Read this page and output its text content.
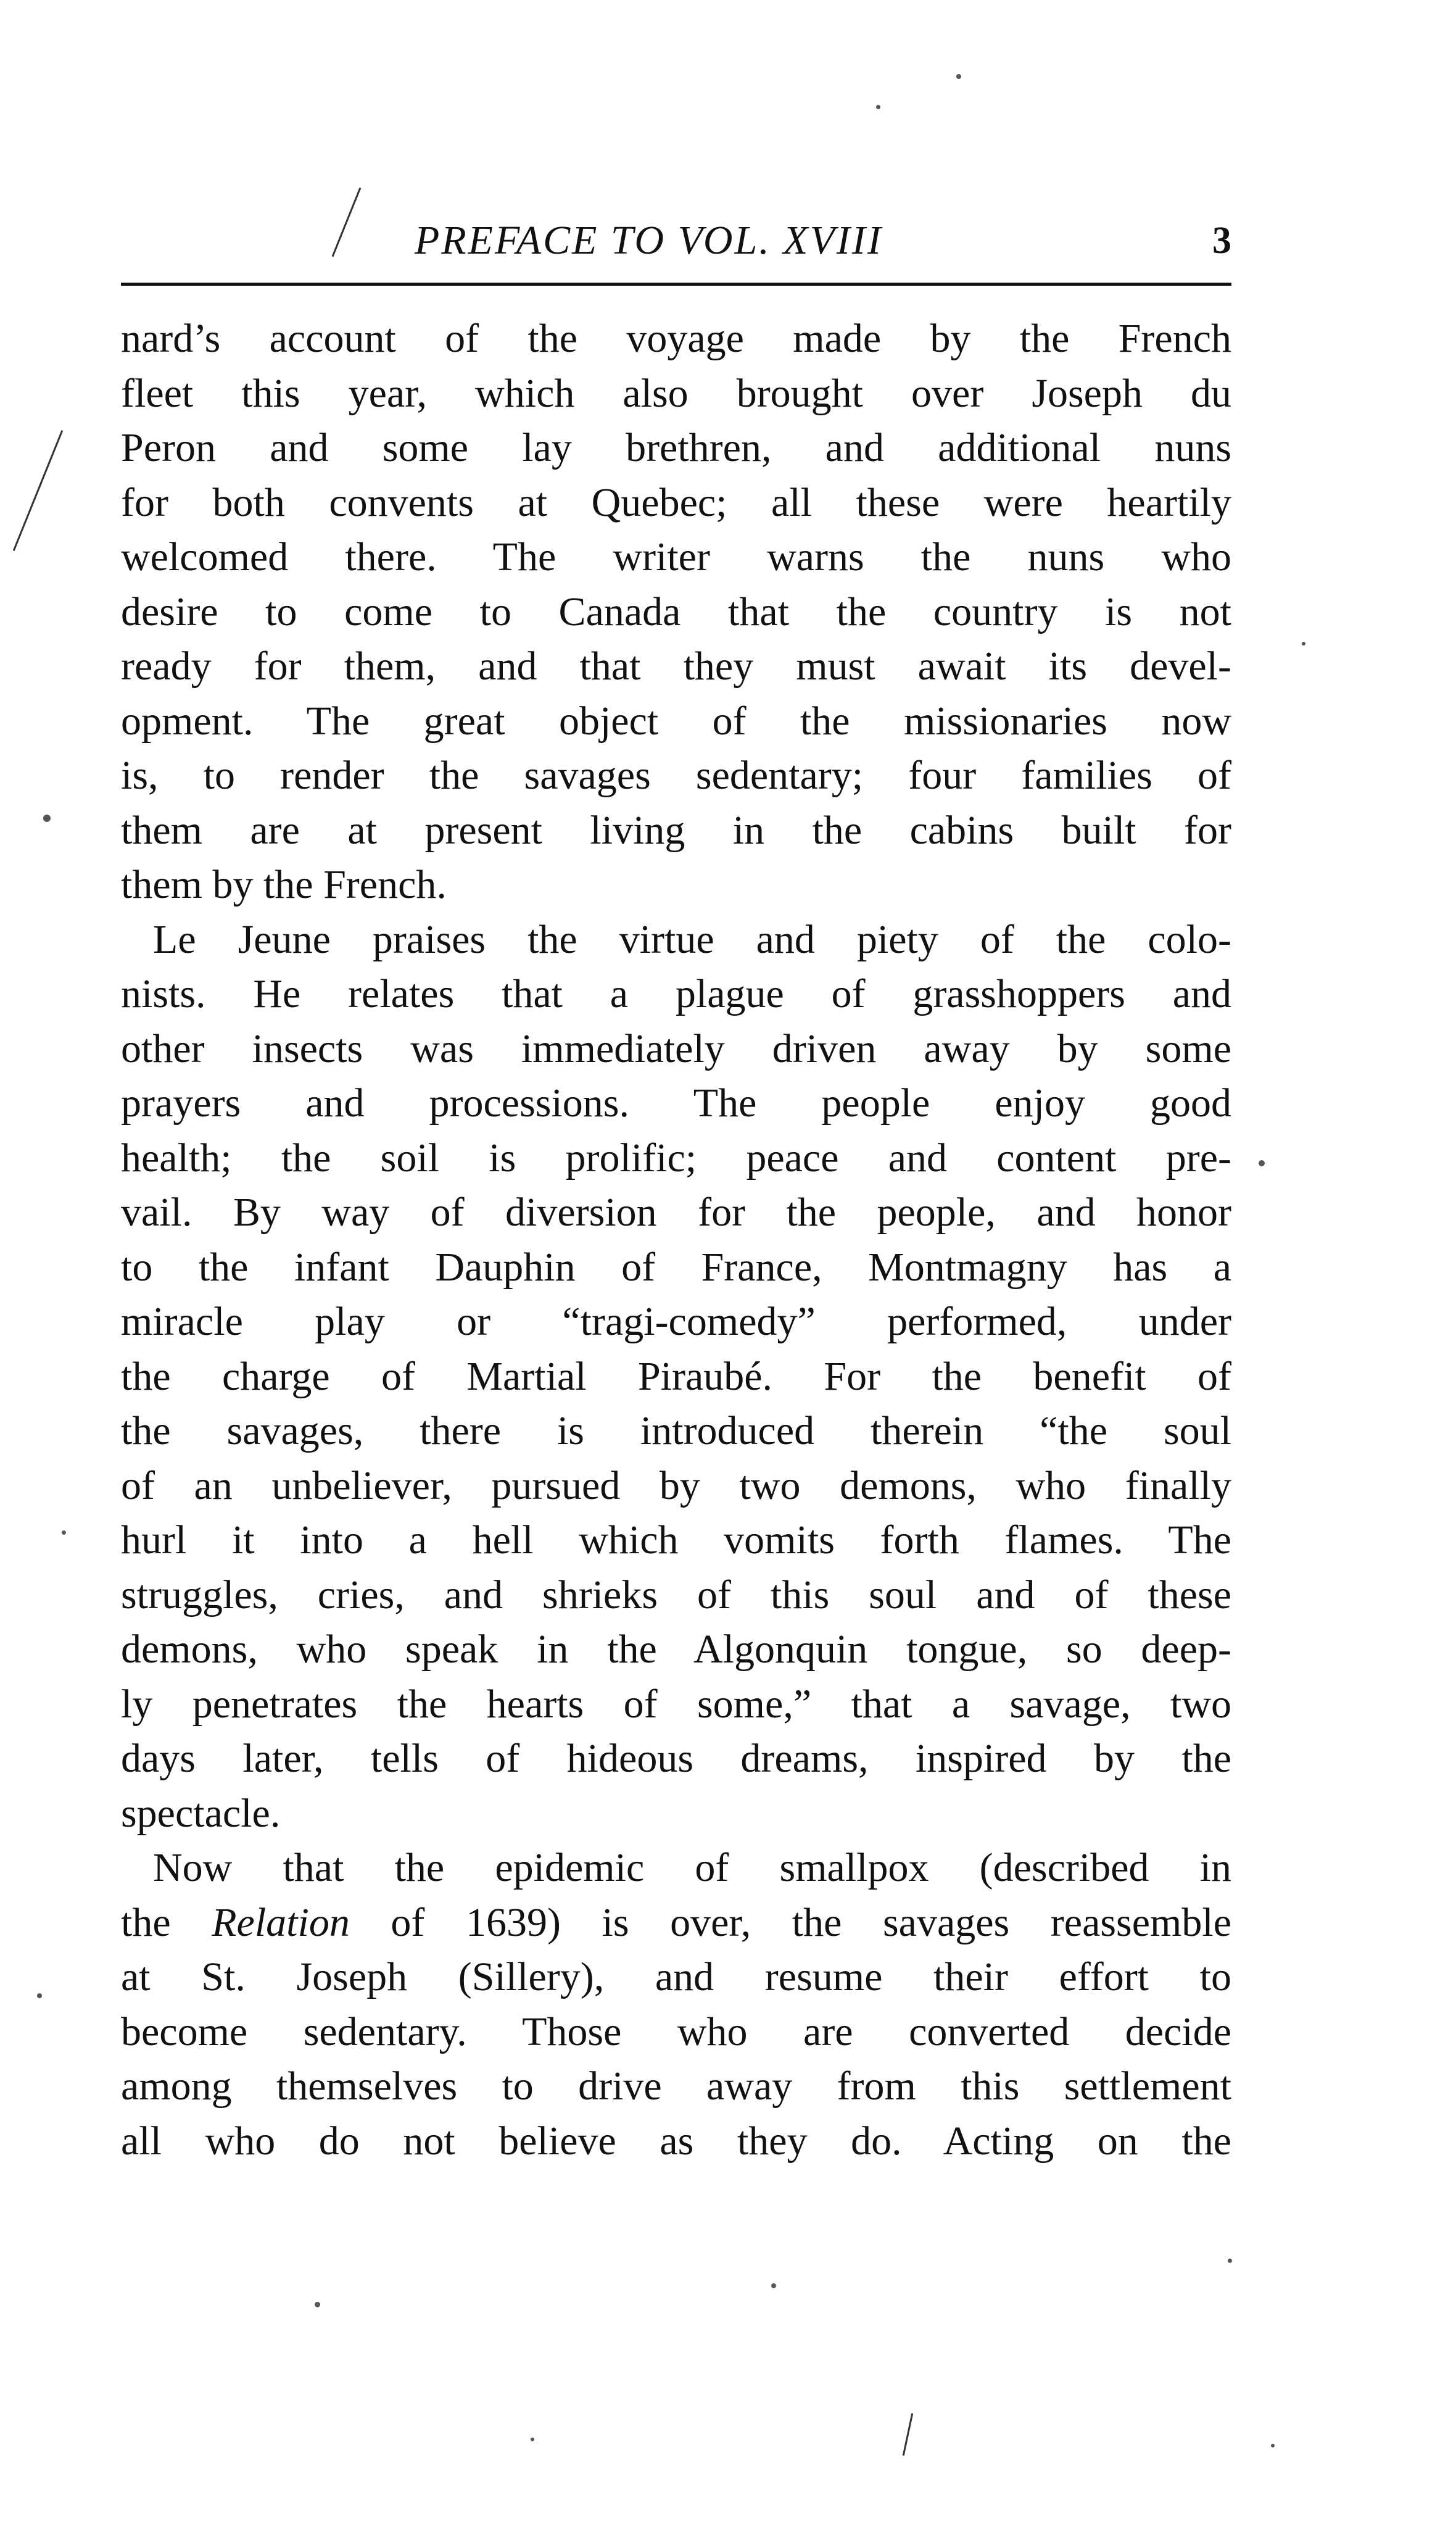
PREFACE TO VOL. XVIII	3
nard’s account of the voyage made by the French
fleet this year, which also brought over Joseph du
Peron and some lay brethren, and additional nuns
for both convents at Quebec; all these were heartily
welcomed there. The writer warns the nuns who
desire to come to Canada that the country is not
ready for them, and that they must await its devel-
opment. The great object of the missionaries now
is, to render the savages sedentary; four families of
them are at present living in the cabins built for
them by the French.
Le Jeune praises the virtue and piety of the colo-
nists. He relates that a plague of grasshoppers and
other insects was immediately driven away by some
prayers and processions. The people enjoy good
health; the soil is prolific; peace and content pre-
vail. By way of diversion for the people, and honor
to the infant Dauphin of France, Montmagny has a
miracle play or “tragi-comedy” performed, under
the charge of Martial Piraubé. For the benefit of
the savages, there is introduced therein “the soul
of an unbeliever, pursued by two demons, who finally
hurl it into a hell which vomits forth flames. The
struggles, cries, and shrieks of this soul and of these
demons, who speak in the Algonquin tongue, so deep-
ly penetrates the hearts of some,” that a savage, two
days later, tells of hideous dreams, inspired by the
spectacle.
Now that the epidemic of smallpox (described in
the Relation of 1639) is over, the savages reassemble
at St. Joseph (Sillery), and resume their effort to
become sedentary. Those who are converted decide
among themselves to drive away from this settlement
all who do not believe as they do. Acting on the
